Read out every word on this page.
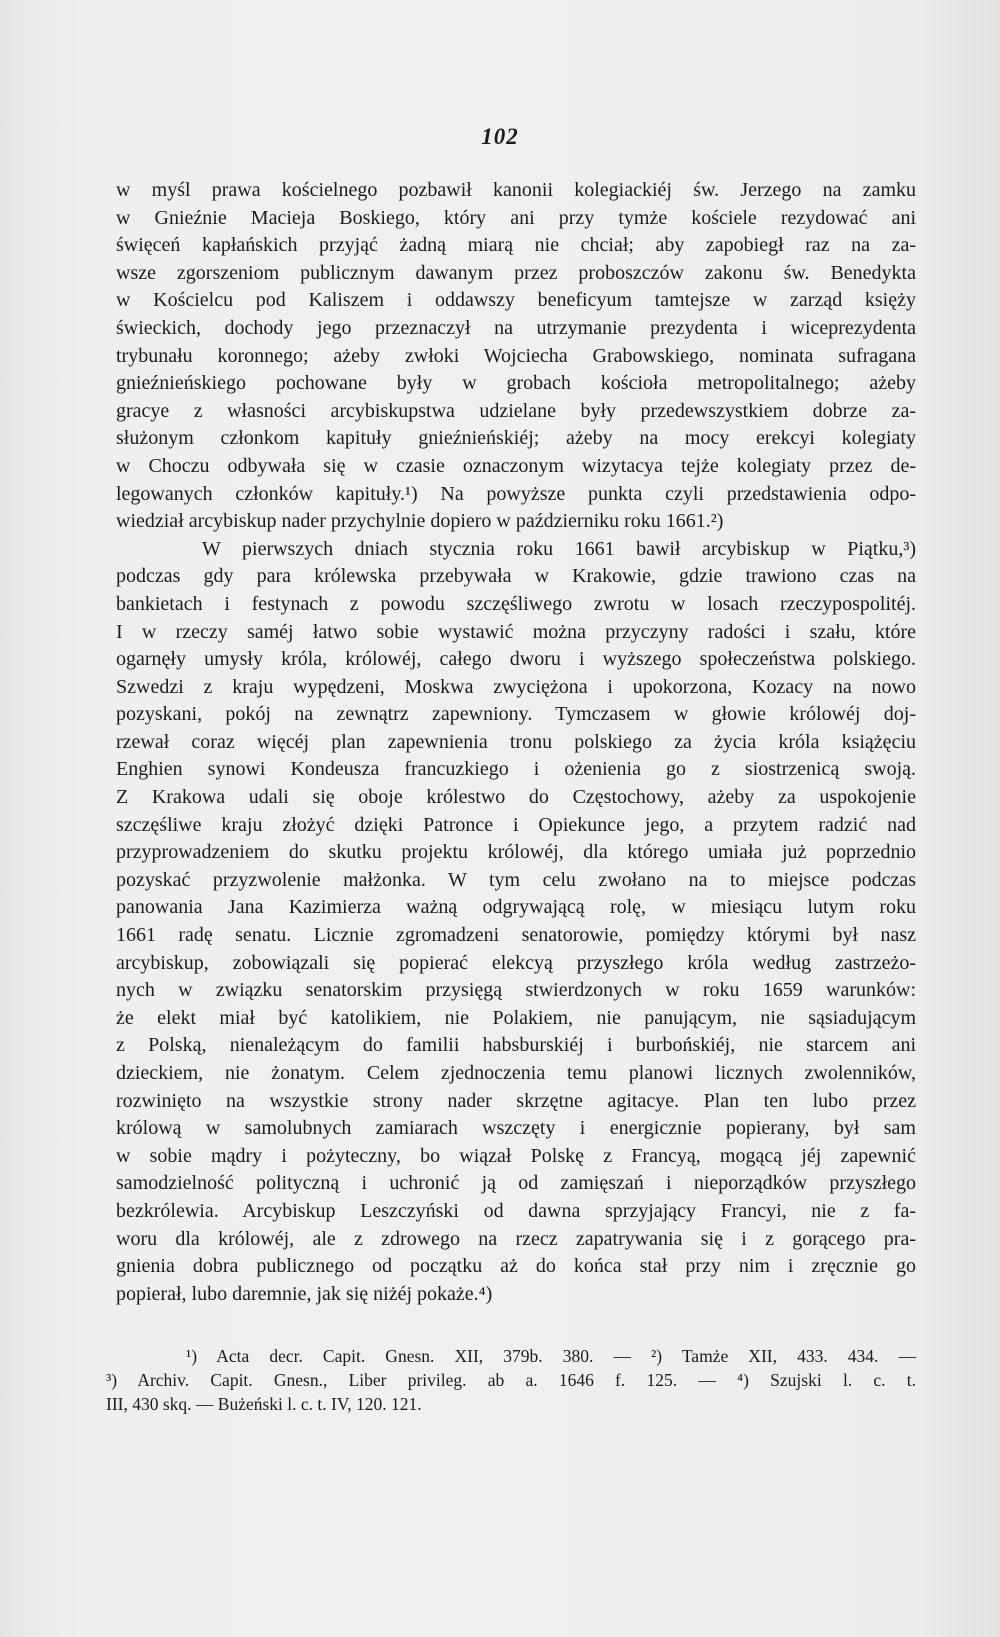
102
w myśl prawa kościelnego pozbawił kanonii kolegiackiéj św. Jerzego na zamku
w Gnieźnie Macieja Boskiego, który ani przy tymże kościele rezydować ani
święceń kapłańskich przyjąć żadną miarą nie chciał; aby zapobiegł raz na za-
wsze zgorszeniom publicznym dawanym przez proboszczów zakonu św. Benedykta
w Kościelcu pod Kaliszem i oddawszy beneficyum tamtejsze w zarząd księży
świeckich, dochody jego przeznaczył na utrzymanie prezydenta i wiceprezydenta
trybunału koronnego; ażeby zwłoki Wojciecha Grabowskiego, nominata sufragana
gnieźnieńskiego pochowane były w grobach kościoła metropolitalnego; ażeby
gracye z własności arcybiskupstwa udzielane były przedewszystkiem dobrze za-
służonym członkom kapituły gnieźnieńskiéj; ażeby na mocy erekcyi kolegiaty
w Choczu odbywała się w czasie oznaczonym wizytacya tejże kolegiaty przez de-
legowanych członków kapituły.¹) Na powyższe punkta czyli przedstawienia odpo-
wiedział arcybiskup nader przychylnie dopiero w październiku roku 1661.²)
W pierwszych dniach stycznia roku 1661 bawił arcybiskup w Piątku,³)
podczas gdy para królewska przebywała w Krakowie, gdzie trawiono czas na
bankietach i festynach z powodu szczęśliwego zwrotu w losach rzeczypospolitéj.
I w rzeczy saméj łatwo sobie wystawić można przyczyny radości i szału, które
ogarnęły umysły króla, królowéj, całego dworu i wyższego społeczeństwa polskiego.
Szwedzi z kraju wypędzeni, Moskwa zwyciężona i upokorzona, Kozacy na nowo
pozyskani, pokój na zewnątrz zapewniony. Tymczasem w głowie królowéj doj-
rzewał coraz więcéj plan zapewnienia tronu polskiego za życia króla książęciu
Enghien synowi Kondeusza francuzkiego i ożenienia go z siostrzenicą swoją.
Z Krakowa udali się oboje królestwo do Częstochowy, ażeby za uspokojenie
szczęśliwe kraju złożyć dzięki Patronce i Opiekunce jego, a przytem radzić nad
przyprowadzeniem do skutku projektu królowéj, dla którego umiała już poprzednio
pozyskać przyzwolenie małżonka. W tym celu zwołano na to miejsce podczas
panowania Jana Kazimierza ważną odgrywającą rolę, w miesiącu lutym roku
1661 radę senatu. Licznie zgromadzeni senatorowie, pomiędzy którymi był nasz
arcybiskup, zobowiązali się popierać elekcyą przyszłego króla według zastrzeżo-
nych w związku senatorskim przysięgą stwierdzonych w roku 1659 warunków:
że elekt miał być katolikiem, nie Polakiem, nie panującym, nie sąsiadującym
z Polską, nienależącym do familii habsburskiéj i burbońskiéj, nie starcem ani
dzieckiem, nie żonatym. Celem zjednoczenia temu planowi licznych zwolenników,
rozwinięto na wszystkie strony nader skrzętne agitacye. Plan ten lubo przez
królową w samolubnych zamiarach wszczęty i energicznie popierany, był sam
w sobie mądry i pożyteczny, bo wiązał Polskę z Francyą, mogącą jéj zapewnić
samodzielność polityczną i uchronić ją od zamięszań i nieporządków przyszłego
bezkrólewia. Arcybiskup Leszczyński od dawna sprzyjający Francyi, nie z fa-
woru dla królowéj, ale z zdrowego na rzecz zapatrywania się i z gorącego pra-
gnienia dobra publicznego od początku aż do końca stał przy nim i zręcznie go
popierał, lubo daremnie, jak się niżéj pokaże.⁴)
¹) Acta decr. Capit. Gnesn. XII, 379b. 380. — ²) Tamże XII, 433. 434. —
³) Archiv. Capit. Gnesn., Liber privileg. ab a. 1646 f. 125. — ⁴) Szujski l. c. t.
III, 430 skq. — Bużeński l. c. t. IV, 120. 121.
